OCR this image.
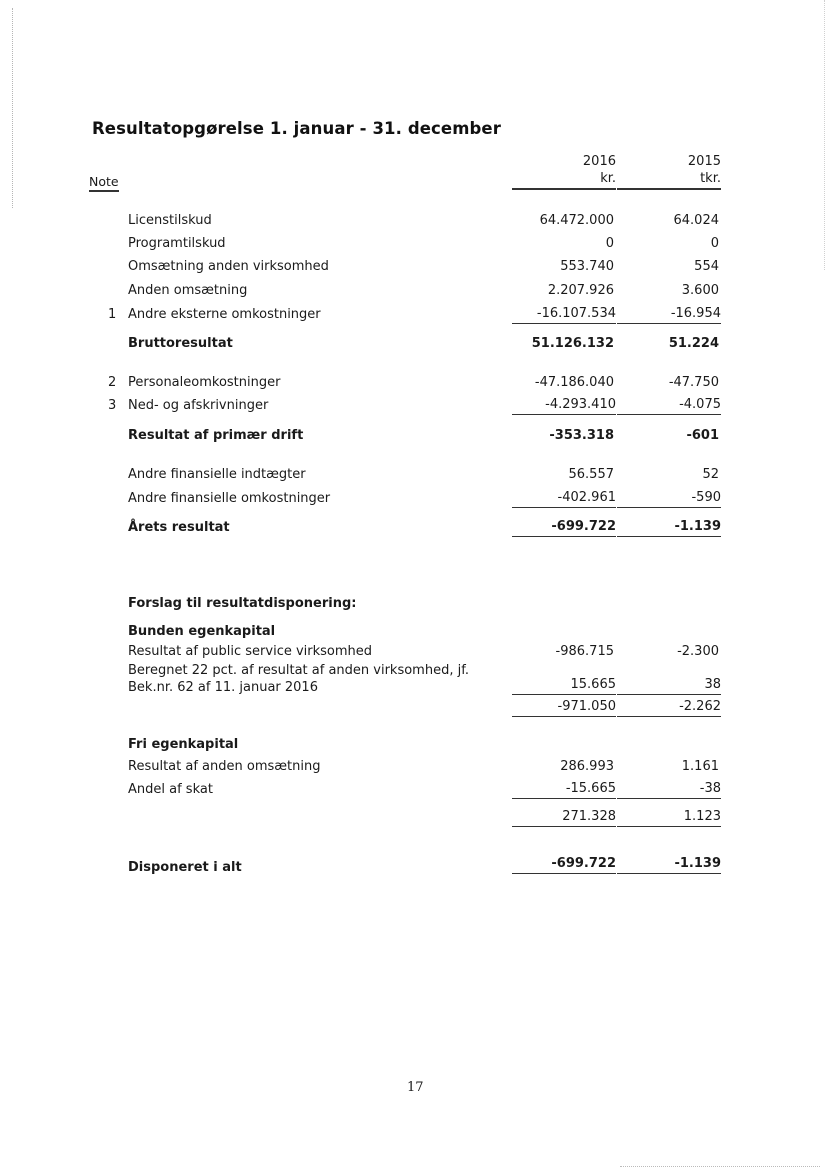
Resultatopgørelse 1. januar - 31. december
Note
2016
kr.
2015
tkr.
Licenstilskud	64.472.000	64.024
Programtilskud	0	0
Omsætning anden virksomhed	553.740	554
Anden omsætning	2.207.926	3.600
1 Andre eksterne omkostninger	-16.107.534	-16.954
Bruttoresultat	51.126.132	51.224
2 Personaleomkostninger	-47.186.040	-47.750
3 Ned- og afskrivninger	-4.293.410	-4.075
Resultat af primær drift	-353.318	-601
Andre finansielle indtægter	56.557	52
Andre finansielle omkostninger	-402.961	-590
Årets resultat	-699.722	-1.139
Forslag til resultatdisponering:
Bunden egenkapital
Resultat af public service virksomhed	-986.715	-2.300
Beregnet 22 pct. af resultat af anden virksomhed, jf.
Bek.nr. 62 af 11. januar 2016	15.665	38
-971.050	-2.262
Fri egenkapital
Resultat af anden omsætning	286.993	1.161
Andel af skat	-15.665	-38
271.328	1.123
Disponeret i alt	-699.722	-1.139
17
